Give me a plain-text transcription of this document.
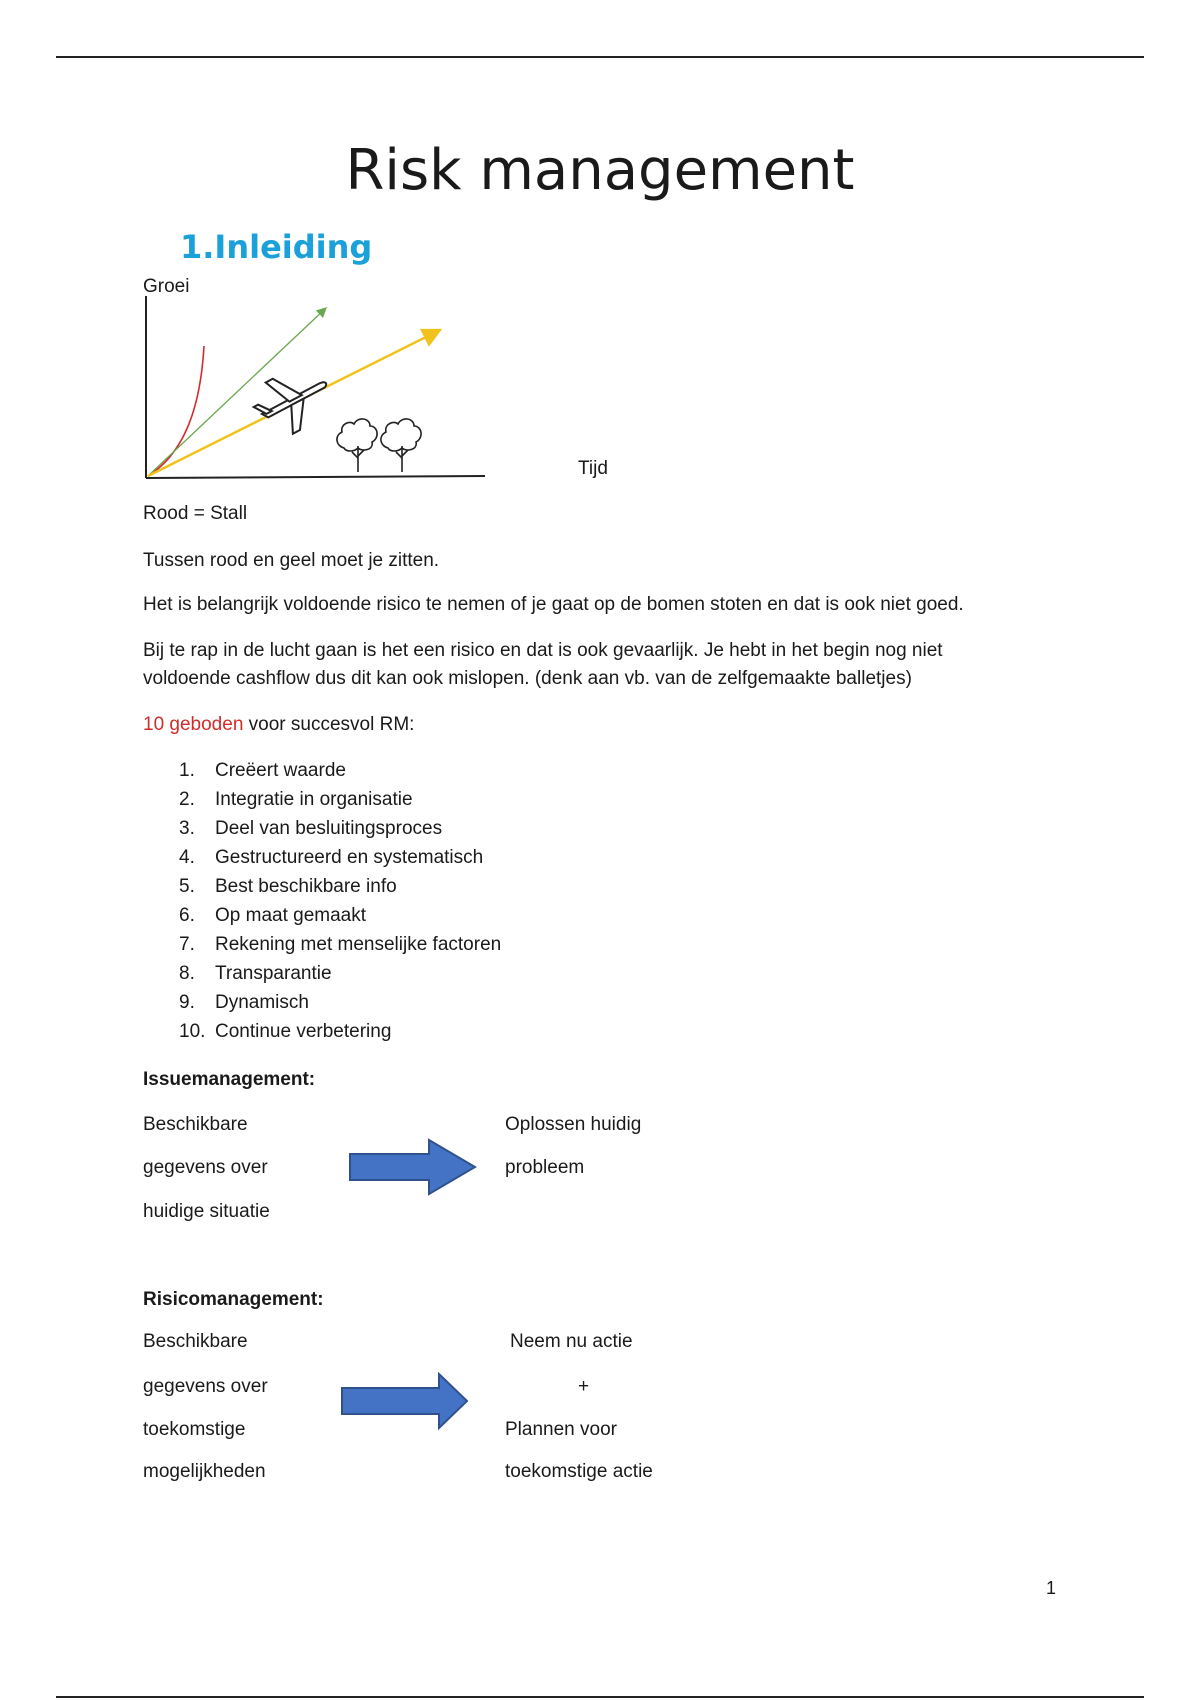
Risk management
1.Inleiding
Groei
Tijd

Rood = Stall

Tussen rood en geel moet je zitten.

Het is belangrijk voldoende risico te nemen of je gaat op de bomen stoten en dat is ook niet goed.

Bij te rap in de lucht gaan is het een risico en dat is ook gevaarlijk. Je hebt in het begin nog niet
voldoende cashflow dus dit kan ook mislopen. (denk aan vb. van de zelfgemaakte balletjes)

10 geboden voor succesvol RM:

1.	Creëert waarde
2.	Integratie in organisatie
3.	Deel van besluitingsproces
4.	Gestructureerd en systematisch
5.	Best beschikbare info
6.	Op maat gemaakt
7.	Rekening met menselijke factoren
8.	Transparantie
9.	Dynamisch
10. Continue verbetering

Issuemanagement:

Beschikbare

gegevens over

huidige situatie

Oplossen huidig

probleem

Risicomanagement:

Beschikbare

gegevens over

toekomstige

mogelijkheden

Neem nu actie

+

Plannen voor

toekomstige actie

1
